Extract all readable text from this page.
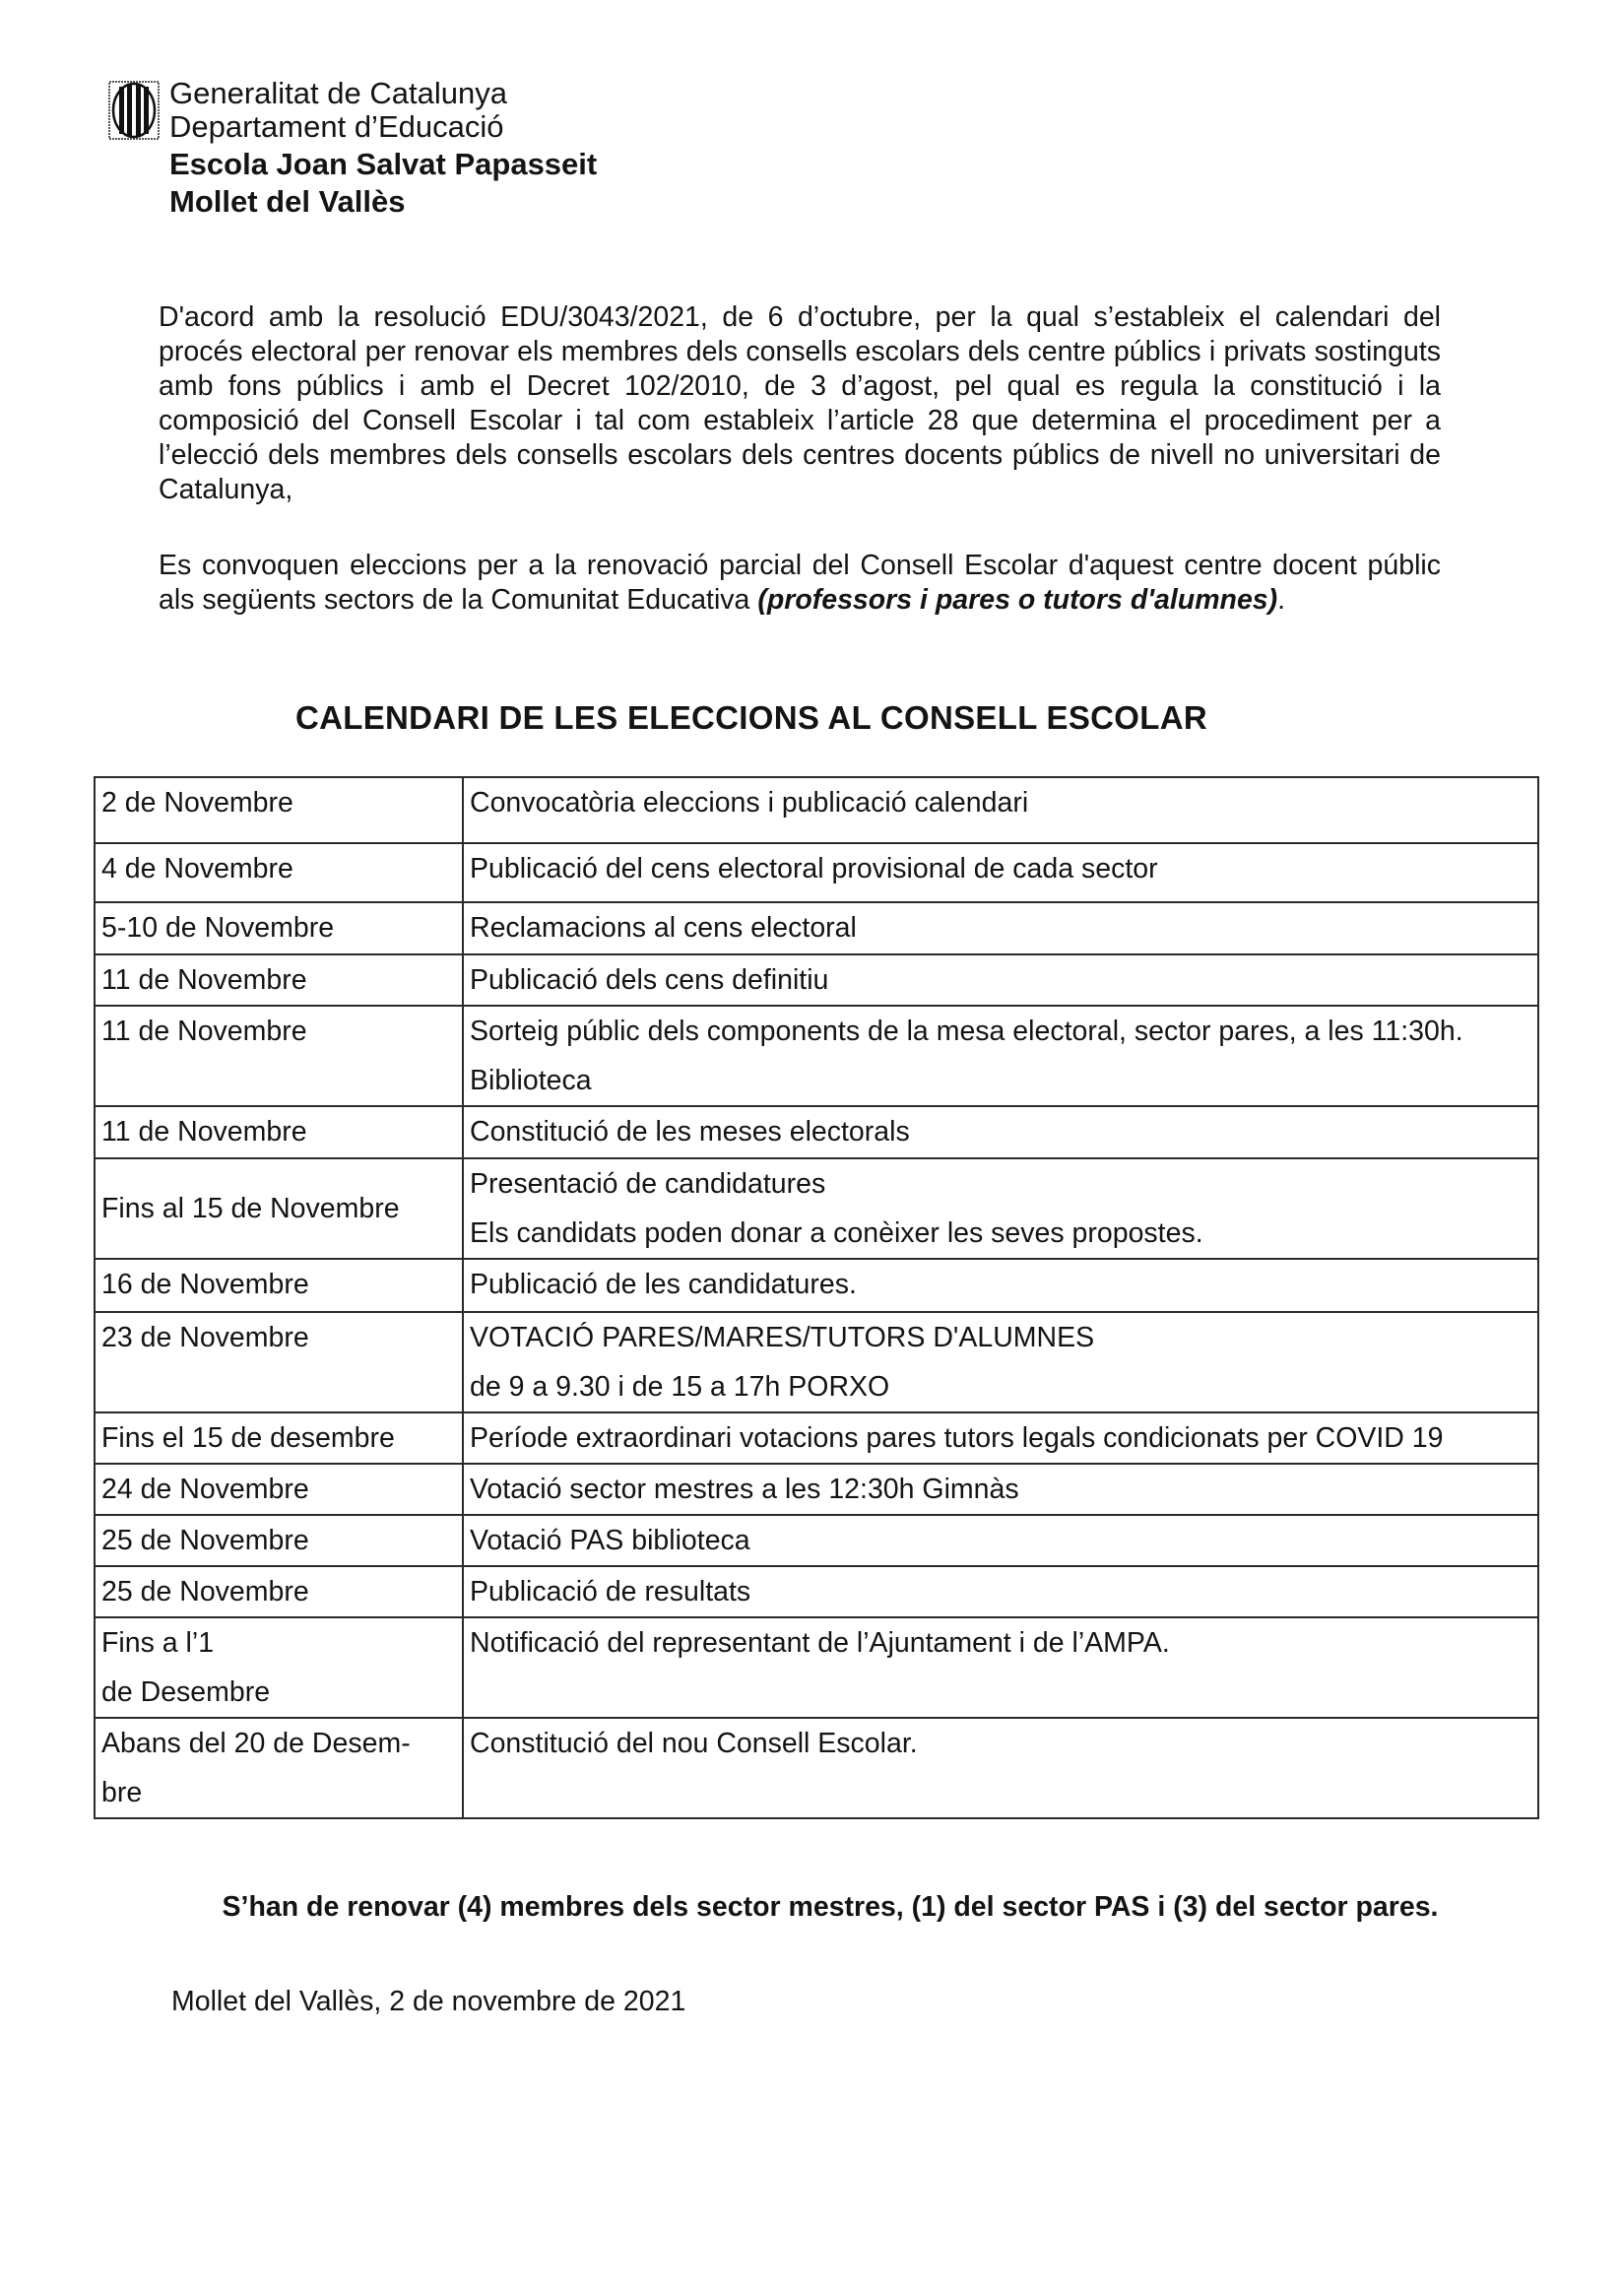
Generalitat de Catalunya
Departament d’Educació
Escola Joan Salvat Papasseit
Mollet del Vallès

D'acord amb la resolució EDU/3043/2021, de 6 d’octubre, per la qual s’estableix el calendari del procés electoral per renovar els membres dels consells escolars dels centre públics i privats sostinguts amb fons públics i amb el Decret 102/2010, de 3 d’agost, pel qual es regula la constitució i la composició del Consell Escolar i tal com estableix l’article 28 que determina el procediment per a l’elecció dels membres dels consells escolars dels centres docents públics de nivell no universitari de Catalunya,

Es convoquen eleccions per a la renovació parcial del Consell Escolar d'aquest centre docent públic als següents sectors de la Comunitat Educativa (professors i pares o tutors d'alumnes).

CALENDARI DE LES ELECCIONS AL CONSELL ESCOLAR
2 de Novembre	Convocatòria eleccions i publicació calendari

4 de Novembre	Publicació del cens electoral provisional de cada sector

5-10 de Novembre	Reclamacions al cens electoral

11 de Novembre	Publicació dels cens definitiu

11 de Novembre	Sorteig públic dels components de la mesa electoral, sector pares, a les 11:30h.
Biblioteca

11 de Novembre	Constitució de les meses electorals

Fins al 15 de Novembre	Presentació de candidatures
Els candidats poden donar a conèixer les seves propostes.

16 de Novembre	Publicació de les candidatures.

23 de Novembre	VOTACIÓ PARES/MARES/TUTORS D'ALUMNES
de 9 a 9.30 i de 15 a 17h PORXO

Fins el 15 de desembre	Període extraordinari votacions pares tutors legals condicionats per COVID 19

24 de Novembre	Votació sector mestres a les 12:30h Gimnàs

25 de Novembre	Votació PAS biblioteca

25 de Novembre	Publicació de resultats

Fins a l’1
de Desembre	Notificació del representant de l’Ajuntament i de l’AMPA.

Abans del 20 de Desem-
bre	Constitució del nou Consell Escolar.
S’han de renovar (4) membres dels sector mestres, (1) del sector PAS i (3) del sector pares.
Mollet del Vallès, 2 de novembre de 2021
